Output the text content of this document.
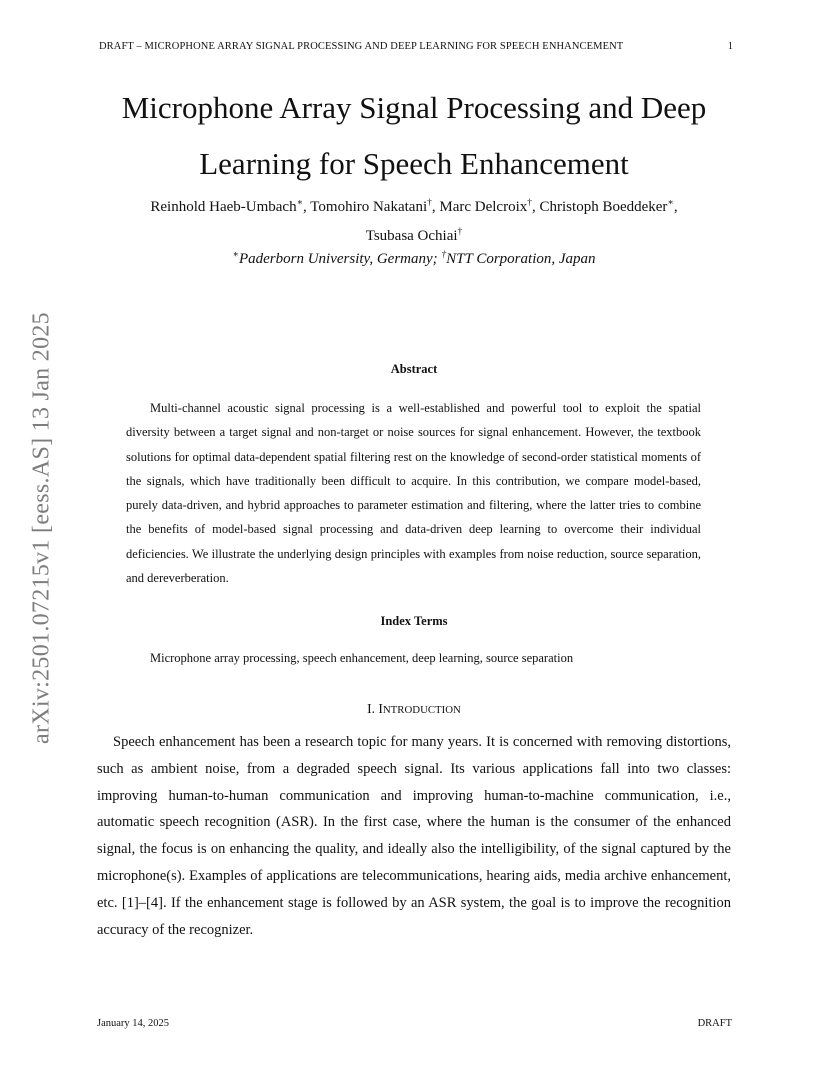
DRAFT – MICROPHONE ARRAY SIGNAL PROCESSING AND DEEP LEARNING FOR SPEECH ENHANCEMENT	1
Microphone Array Signal Processing and Deep
Learning for Speech Enhancement
Reinhold Haeb-Umbach∗, Tomohiro Nakatani†, Marc Delcroix†, Christoph Boeddeker∗,
Tsubasa Ochiai†
∗Paderborn University, Germany; †NTT Corporation, Japan
Abstract

Multi-channel acoustic signal processing is a well-established and powerful tool to exploit the spatial diversity between a target signal and non-target or noise sources for signal enhancement. However, the textbook solutions for optimal data-dependent spatial filtering rest on the knowledge of second-order statistical moments of the signals, which have traditionally been difficult to acquire. In this contribution, we compare model-based, purely data-driven, and hybrid approaches to parameter estimation and filtering, where the latter tries to combine the benefits of model-based signal processing and data-driven deep learning to overcome their individual deficiencies. We illustrate the underlying design principles with examples from noise reduction, source separation, and dereverberation.

Index Terms
Microphone array processing, speech enhancement, deep learning, source separation
I. INTRODUCTION

Speech enhancement has been a research topic for many years. It is concerned with removing distortions, such as ambient noise, from a degraded speech signal. Its various applications fall into two classes: improving human-to-human communication and improving human-to-machine communication, i.e., automatic speech recognition (ASR). In the first case, where the human is the consumer of the enhanced signal, the focus is on enhancing the quality, and ideally also the intelligibility, of the signal captured by the microphone(s). Examples of applications are telecommunications, hearing aids, media archive enhancement, etc. [1]–[4]. If the enhancement stage is followed by an ASR system, the goal is to improve the recognition accuracy of the recognizer.

arXiv:2501.07215v1 [eess.AS] 13 Jan 2025
January 14, 2025	DRAFT
